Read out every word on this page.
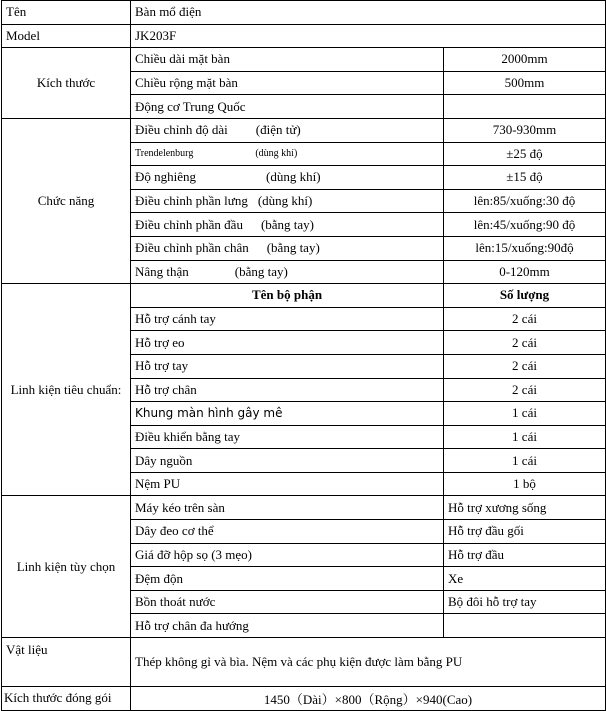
Tên	Bàn mổ điện	
Model	JK203F	
Kích thước	Chiều dài mặt bàn	2000mm
	Chiều rộng mặt bàn	500mm
	Động cơ Trung Quốc	
Chức năng	Điều chỉnh độ dài (điện tử)	730-930mm
	Trendelenburg (dùng khí)	±25 độ
	Độ nghiêng (dùng khí)	±15 độ
	Điều chỉnh phần lưng (dùng khí)	lên:85/xuống:30 độ
	Điều chỉnh phần đầu (bằng tay)	lên:45/xuống:90 độ
	Điều chỉnh phần chân (bằng tay)	lên:15/xuống:90độ
	Nâng thận (bằng tay)	0-120mm
Linh kiện tiêu chuẩn:	Tên bộ phận	Số lượng
	Hỗ trợ cánh tay	2 cái
	Hỗ trợ eo	2 cái
	Hỗ trợ tay	2 cái
	Hỗ trợ chân	2 cái
	Khung màn hình gây mê	1 cái
	Điều khiển bằng tay	1 cái
	Dây nguồn	1 cái
	Nệm PU	1 bộ
Linh kiện tùy chọn	Máy kéo trên sàn	Hỗ trợ xương sống
	Dây đeo cơ thể	Hỗ trợ đầu gối
	Giá đỡ hộp sọ (3 mẹo)	Hỗ trợ đầu
	Đệm độn	Xe
	Bồn thoát nước	Bộ đôi hỗ trợ tay
	Hỗ trợ chân đa hướng	
Vật liệu	Thép không gỉ và bìa. Nệm và các phụ kiện được làm bằng PU	
Kích thước đóng gói	1450（Dài）×800（Rộng）×940(Cao)	
